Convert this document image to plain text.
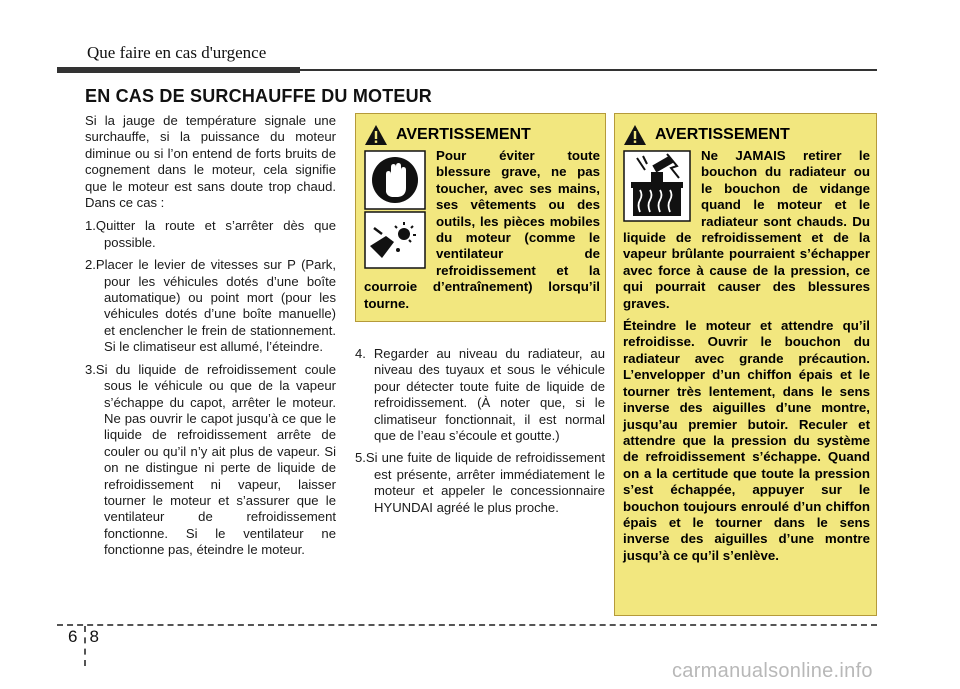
Que faire en cas d'urgence
EN CAS DE SURCHAUFFE DU MOTEUR

Si la jauge de température signale une surchauffe, si la puissance du moteur diminue ou si l’on entend de forts bruits de cognement dans le moteur, cela signifie que le moteur est sans doute trop chaud. Dans ce cas :

1.Quitter la route et s’arrêter dès que possible.
2.Placer le levier de vitesses sur P (Park, pour les véhicules dotés d’une boîte automatique) ou point mort (pour les véhicules dotés d’une boîte manuelle) et enclencher le frein de stationnement. Si le climatiseur est allumé, l’éteindre.
3.Si du liquide de refroidissement coule sous le véhicule ou que de la vapeur s’échappe du capot, arrêter le moteur. Ne pas ouvrir le capot jusqu’à ce que le liquide de refroidissement arrête de couler ou qu’il n’y ait plus de vapeur. Si on ne distingue ni perte de liquide de refroidissement ni vapeur, laisser tourner le moteur et s’assurer que le ventilateur de refroidissement fonctionne. Si le ventilateur ne fonctionne pas, éteindre le moteur.
AVERTISSEMENT
Pour éviter toute blessure grave, ne pas toucher, avec ses mains, ses vêtements ou des outils, les pièces mobiles du moteur (comme le ventilateur de refroidissement et la courroie d’entraînement) lorsqu’il tourne.
4. Regarder au niveau du radiateur, au niveau des tuyaux et sous le véhicule pour détecter toute fuite de liquide de refroidissement. (À noter que, si le climatiseur fonctionnait, il est normal que de l’eau s’écoule et goutte.)
5.Si une fuite de liquide de refroidissement est présente, arrêter immédiatement le moteur et appeler le concessionnaire HYUNDAI agréé le plus proche.
AVERTISSEMENT

Ne JAMAIS retirer le bouchon du radiateur ou le bouchon de vidange quand le moteur et le radiateur sont chauds. Du liquide de refroidissement et de la vapeur brûlante pourraient s’échapper avec force à cause de la pression, ce qui pourrait causer des blessures graves.

Éteindre le moteur et attendre qu’il refroidisse. Ouvrir le bouchon du radiateur avec grande précaution. L’envelopper d’un chiffon épais et le tourner très lentement, dans le sens inverse des aiguilles d’une montre, jusqu’au premier butoir. Reculer et attendre que la pression du système de refroidissement s’échappe. Quand on a la certitude que toute la pression s’est échappée, appuyer sur le bouchon toujours enroulé d’un chiffon épais et le tourner dans le sens inverse des aiguilles d’une montre jusqu’à ce qu’il s’enlève.

6 8
carmanualsonline.info
